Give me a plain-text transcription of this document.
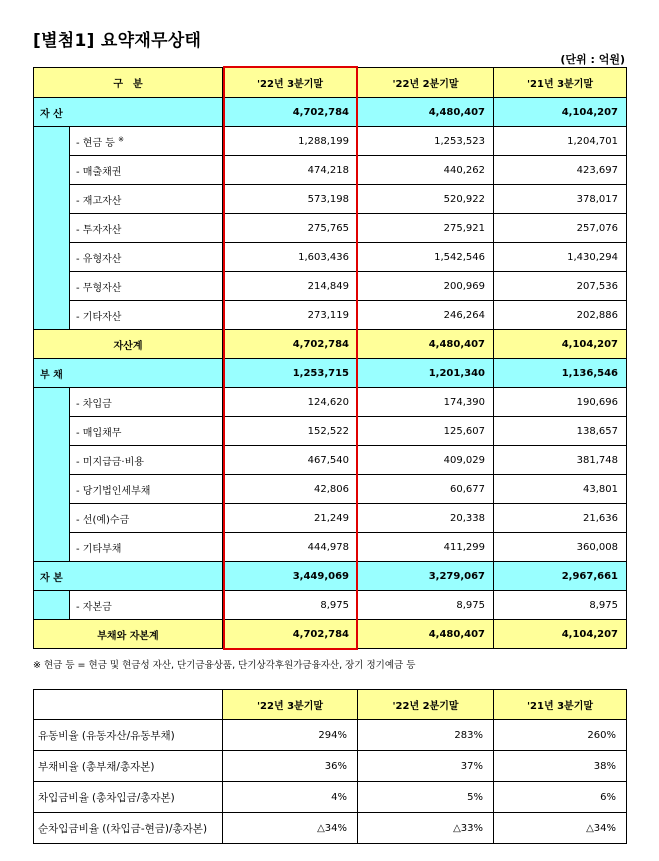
[별첨1] 요약재무상태
(단위 : 억원)
구　분		'22년 3분기말	'22년 2분기말	'21년 3분기말
자 산		4,702,784	4,480,407	4,104,207
	- 현금 등 ※	1,288,199	1,253,523	1,204,701
	- 매출채권	474,218	440,262	423,697
	- 재고자산	573,198	520,922	378,017
	- 투자자산	275,765	275,921	257,076
	- 유형자산	1,603,436	1,542,546	1,430,294
	- 무형자산	214,849	200,969	207,536
	- 기타자산	273,119	246,264	202,886
자산계		4,702,784	4,480,407	4,104,207
부 채		1,253,715	1,201,340	1,136,546
	- 차입금	124,620	174,390	190,696
	- 매입채무	152,522	125,607	138,657
	- 미지급금·비용	467,540	409,029	381,748
	- 당기법인세부채	42,806	60,677	43,801
	- 선(예)수금	21,249	20,338	21,636
	- 기타부채	444,978	411,299	360,008
자 본		3,449,069	3,279,067	2,967,661
	- 자본금	8,975	8,975	8,975
부채와 자본계		4,702,784	4,480,407	4,104,207
※ 현금 등 = 현금 및 현금성 자산, 단기금융상품, 단기상각후원가금융자산, 장기 정기예금 등
	'22년 3분기말	'22년 2분기말	'21년 3분기말
유동비율 (유동자산/유동부채)	294%	283%	260%
부채비율 (총부채/총자본)	36%	37%	38%
차입금비율 (총차입금/총자본)	4%	5%	6%
순차입금비율 ((차입금-현금)/총자본)	△34%	△33%	△34%
